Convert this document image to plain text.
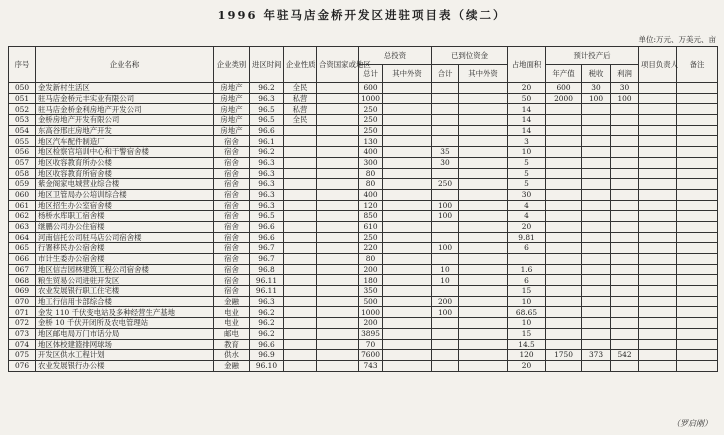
1996 年驻马店金桥开发区进驻项目表（续二）
单位:万元、万美元、亩
序号	企业名称	企业类别	进区时间	企业性质	合资国家或地区	总投资		已到位资金		占地面积	预计投产后			项目负责人	备注
						总计	其中外资	合计	其中外资		年产值	税收	利润		
050	金发新村生活区	房地产	96.2	全民		600				20	600	30	30		
051	驻马店金桥元丰实业有限公司	房地产	96.3	私营		1000				50	2000	100	100		
052	驻马店金桥金利房地产开发公司	房地产	96.5	私营		250				14					
053	金桥房地产开发有限公司	房地产	96.5	全民		250				14					
054	东高谷邢庄房地产开发	房地产	96.6			250				14					
055	地区汽车配件制造厂	宿舍	96.1			130				3					
056	地区检察官培训中心和干警宿舍楼	宿舍	96.2			400		35		10					
057	地区收容教育所办公楼	宿舍	96.3			300		30		5					
058	地区收容教育所宿舍楼	宿舍	96.3			80				5					
059	紫金阁家电城营业综合楼	宿舍	96.3			80		250		5					
060	地区卫管局办公培训综合楼	宿舍	96.3			400				30					
061	地区招生办公室宿舍楼	宿舍	96.3			120		100		4					
062	杨桥水库职工宿舍楼	宿舍	96.5			850		100		4					
063	继鹏公司办公住宿楼	宿舍	96.6			610				20					
064	河南信托公司驻马店公司宿舍楼	宿舍	96.6			250				9.81					
065	行署移民办公宿舍楼	宿舍	96.7			220		100		6					
066	市计生委办公宿舍楼	宿舍	96.7			80									
067	地区信吉园林建筑工程公司宿舍楼	宿舍	96.8			200		10		1.6					
068	粮生贸易公司进驻开发区	宿舍	96.11			180		10		6					
069	农业发展银行职工住宅楼	宿舍	96.11			350				15					
070	地工行信用卡部综合楼	金融	96.3			500		200		10					
071	金发 110 千伏变电站及多种经营生产基地	电业	96.2			1000		100		68.65					
072	金桥 10 千伏开闭所及农电管理站	电业	96.2			200				10					
073	地区邮电局万门市话分局	邮电	96.2			3895				15					
074	地区体校建篮排网球场	教育	96.6			70				14.5					
075	开发区供水工程计划	供水	96.9			7600				120	1750	373	542		
076	农业发展银行办公楼	金融	96.10			743				20					
（罗启刚）
